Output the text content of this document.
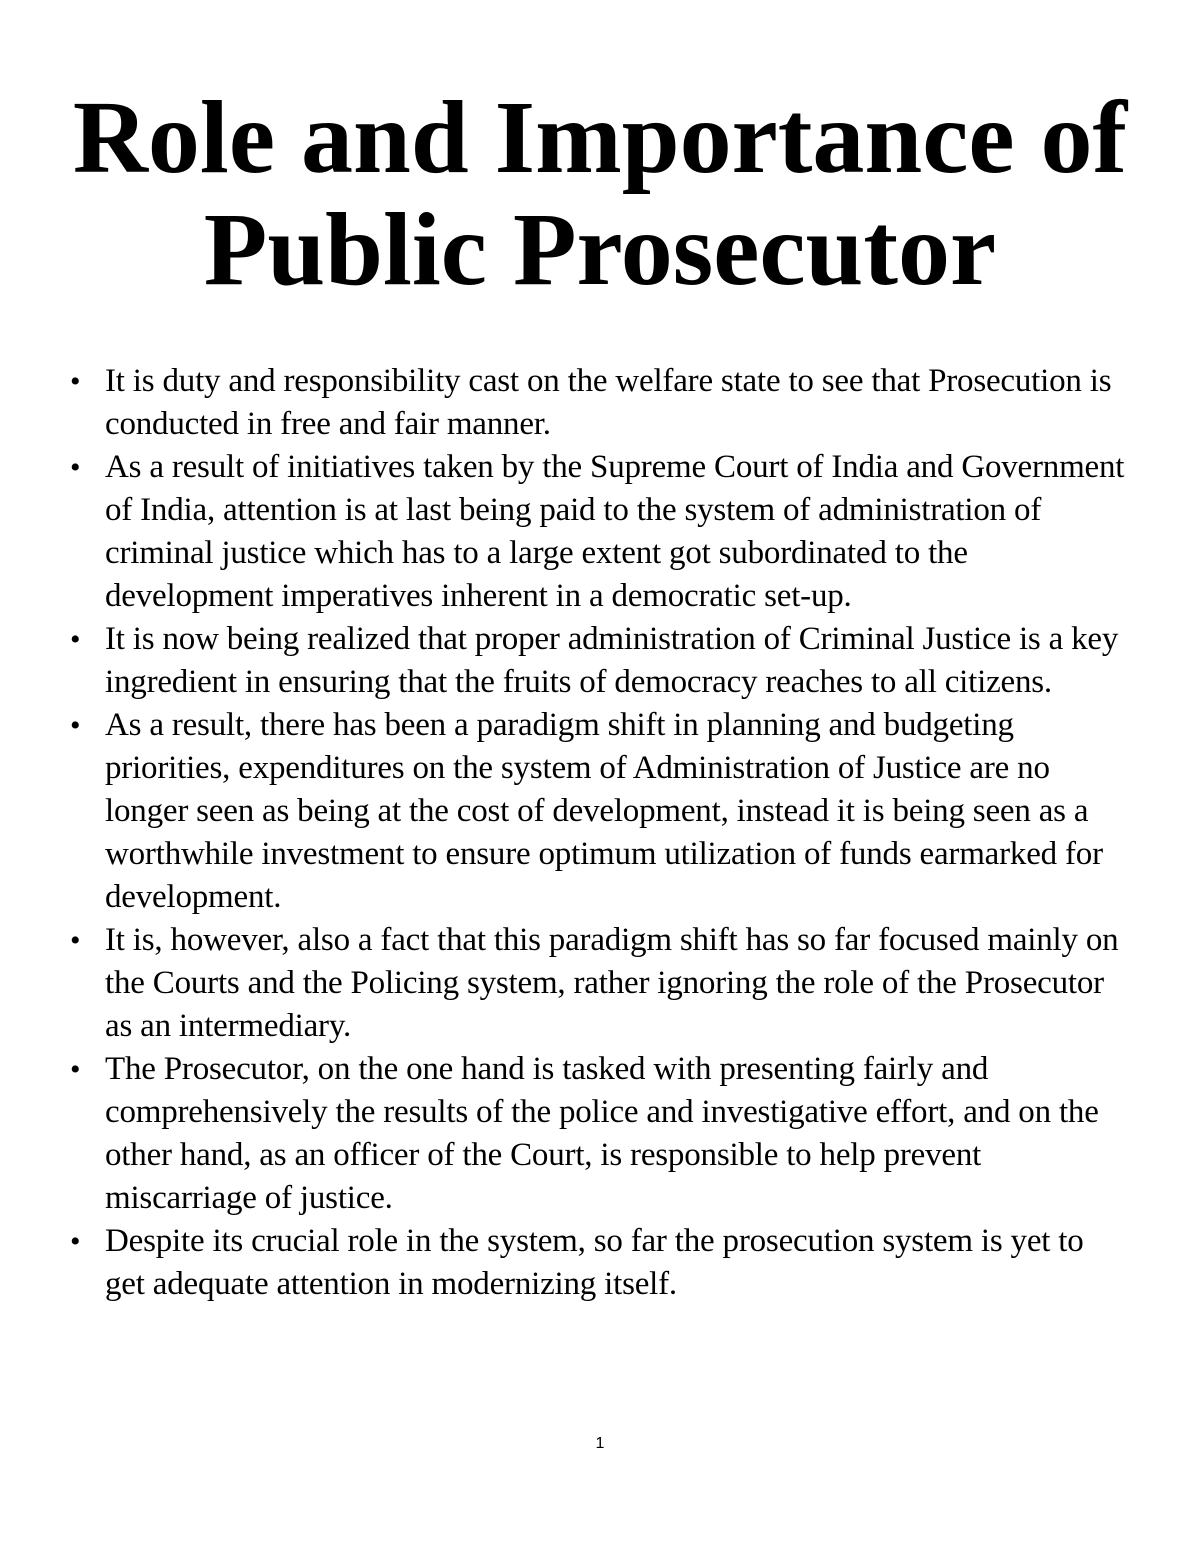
Role and Importance of
Public Prosecutor
• It is duty and responsibility cast on the welfare state to see that Prosecution is conducted in free and fair manner.
• As a result of initiatives taken by the Supreme Court of India and Government of India, attention is at last being paid to the system of administration of criminal justice which has to a large extent got subordinated to the development imperatives inherent in a democratic set-up.
• It is now being realized that proper administration of Criminal Justice is a key ingredient in ensuring that the fruits of democracy reaches to all citizens.
• As a result, there has been a paradigm shift in planning and budgeting priorities, expenditures on the system of Administration of Justice are no longer seen as being at the cost of development, instead it is being seen as a worthwhile investment to ensure optimum utilization of funds earmarked for development.
• It is, however, also a fact that this paradigm shift has so far focused mainly on the Courts and the Policing system, rather ignoring the role of the Prosecutor as an intermediary.
• The Prosecutor, on the one hand is tasked with presenting fairly and comprehensively the results of the police and investigative effort, and on the other hand, as an officer of the Court, is responsible to help prevent miscarriage of justice.
• Despite its crucial role in the system, so far the prosecution system is yet to get adequate attention in modernizing itself.
1
